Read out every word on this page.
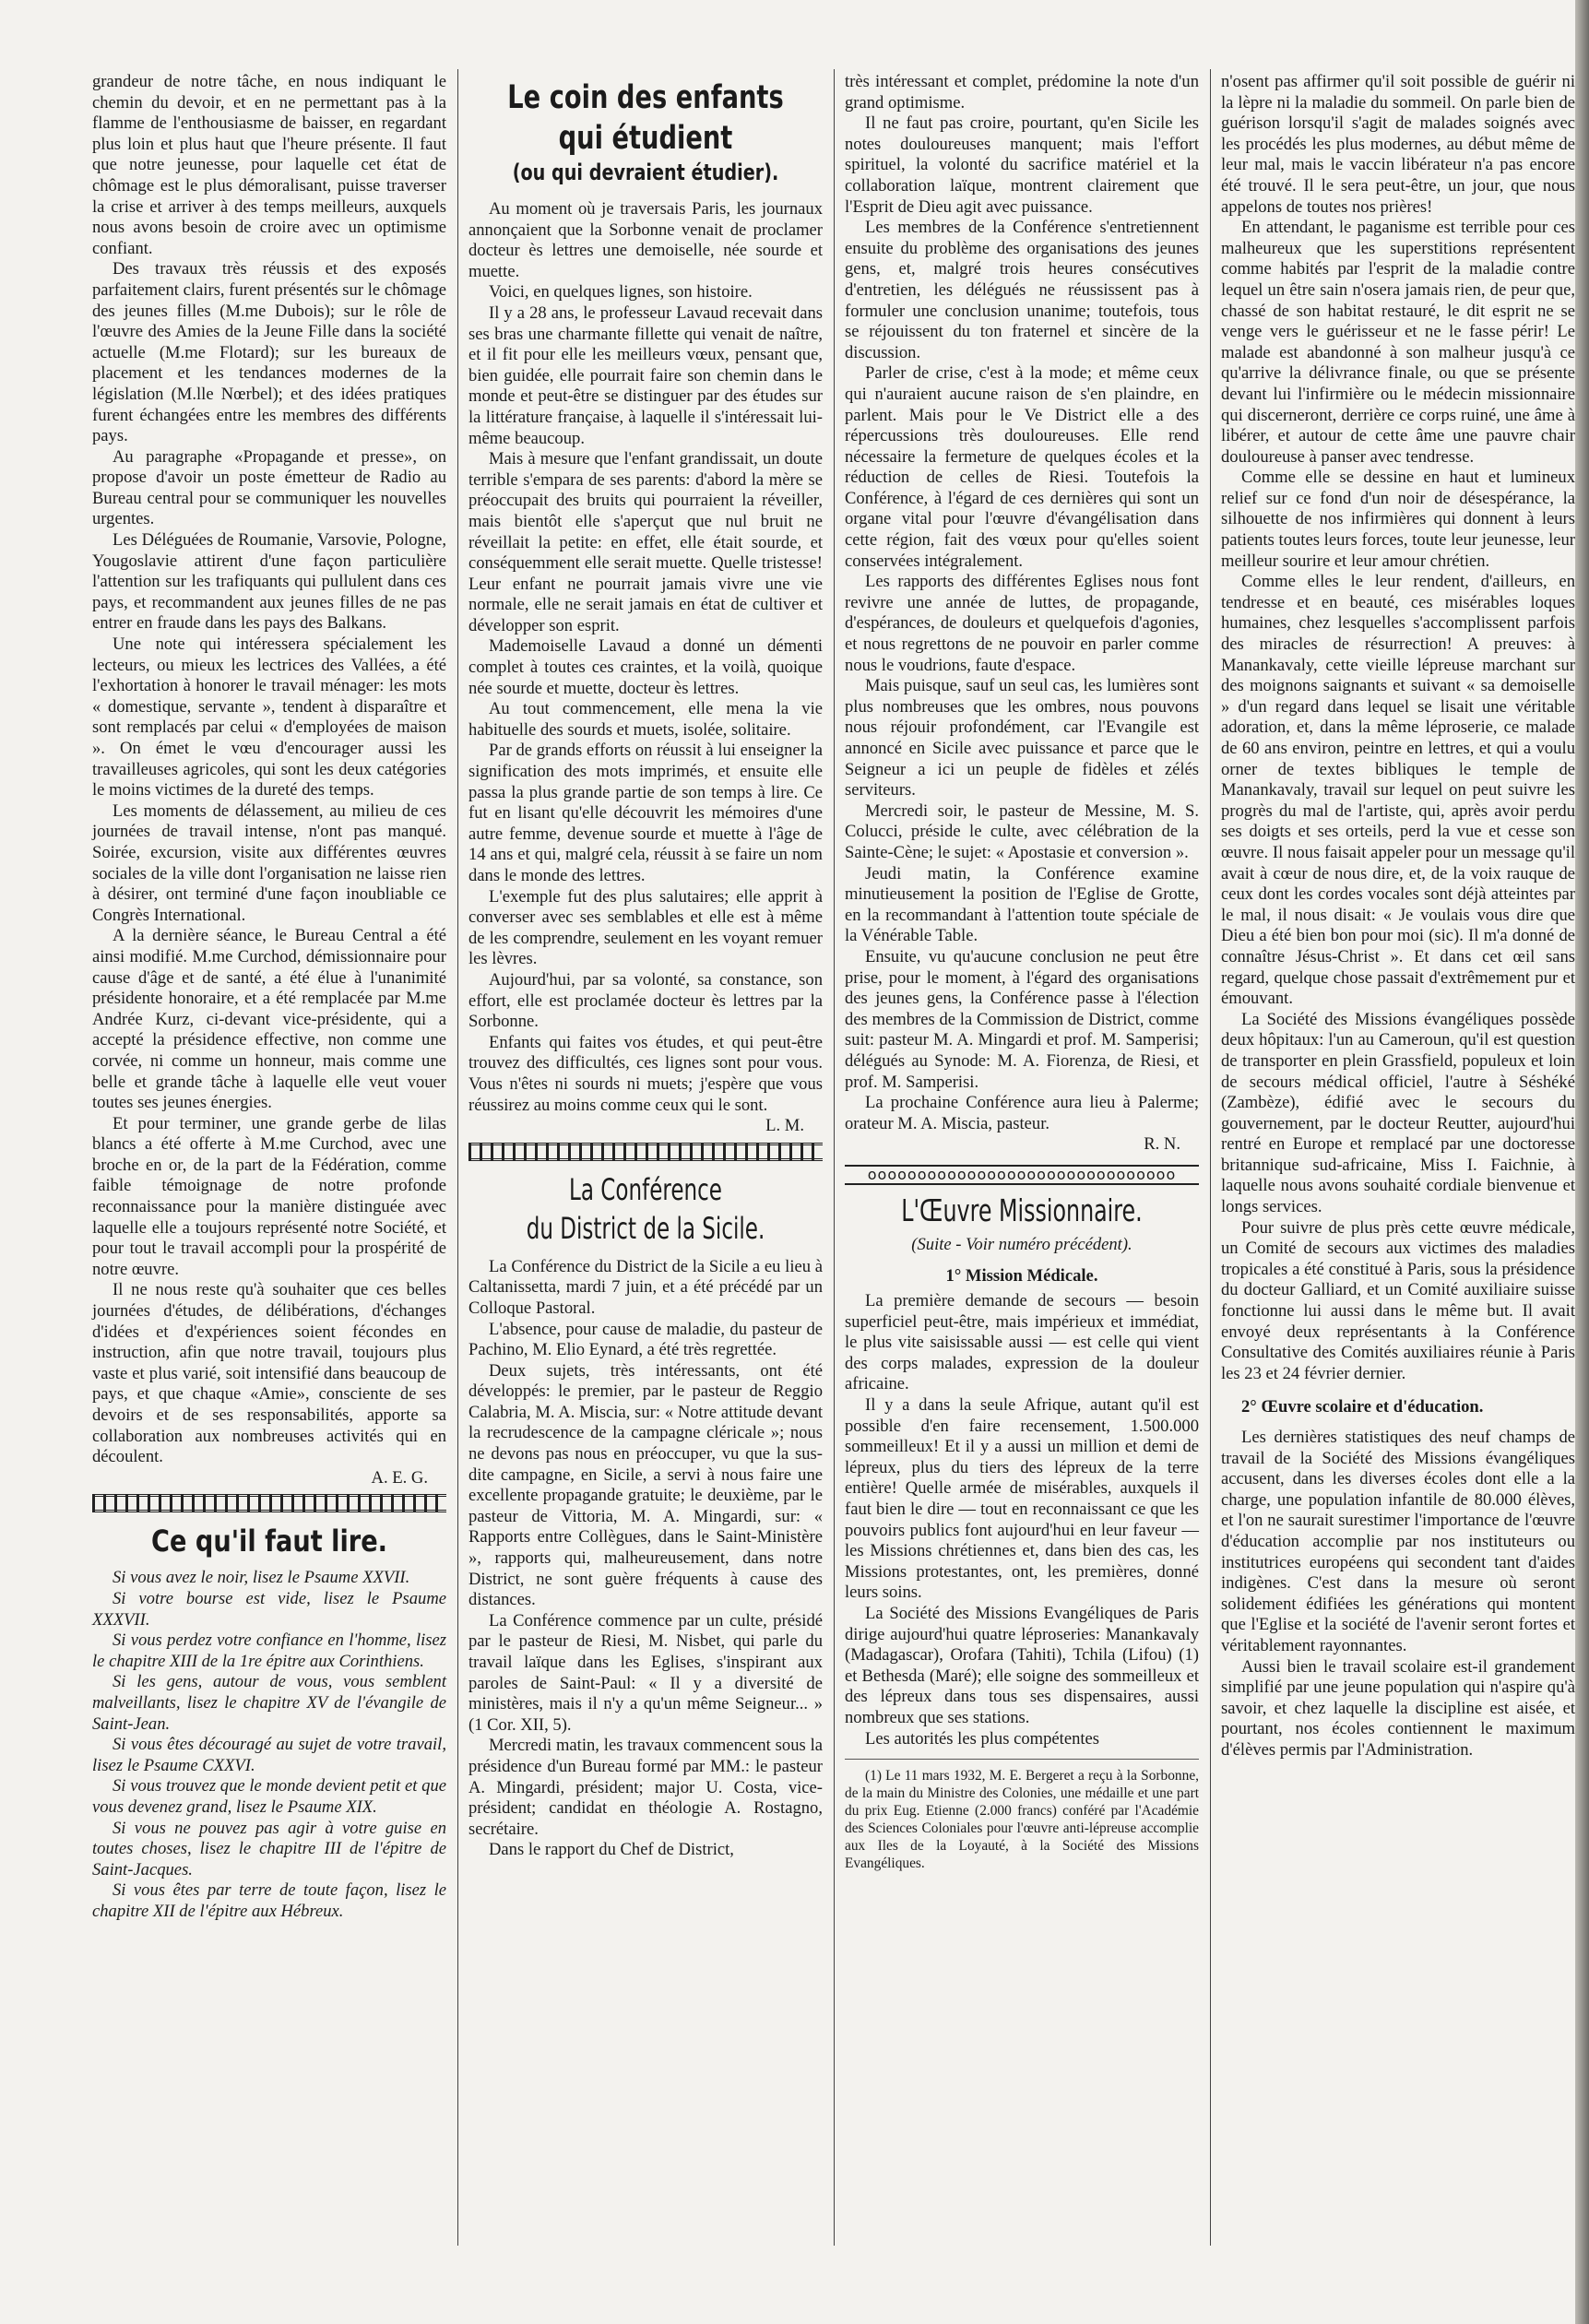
grandeur de notre tâche, en nous indiquant le chemin du devoir, et en ne permettant pas à la flamme de l'enthousiasme de baisser, en regardant plus loin et plus haut que l'heure présente. Il faut que notre jeunesse, pour laquelle cet état de chômage est le plus démoralisant, puisse traverser la crise et arriver à des temps meilleurs, auxquels nous avons besoin de croire avec un optimisme confiant.

Des travaux très réussis et des exposés parfaitement clairs, furent présentés sur le chômage des jeunes filles (M.me Dubois); sur le rôle de l'œuvre des Amies de la Jeune Fille dans la société actuelle (M.me Flotard); sur les bureaux de placement et les tendances modernes de la législation (M.lle Nœrbel); et des idées pratiques furent échangées entre les membres des différents pays.

Au paragraphe «Propagande et presse», on propose d'avoir un poste émetteur de Radio au Bureau central pour se communiquer les nouvelles urgentes.

Les Déléguées de Roumanie, Varsovie, Pologne, Yougoslavie attirent d'une façon particulière l'attention sur les trafiquants qui pullulent dans ces pays, et recommandent aux jeunes filles de ne pas entrer en fraude dans les pays des Balkans.

Une note qui intéressera spécialement les lecteurs, ou mieux les lectrices des Vallées, a été l'exhortation à honorer le travail ménager: les mots « domestique, servante », tendent à disparaître et sont remplacés par celui « d'employées de maison ». On émet le vœu d'encourager aussi les travailleuses agricoles, qui sont les deux catégories le moins victimes de la dureté des temps.

Les moments de délassement, au milieu de ces journées de travail intense, n'ont pas manqué. Soirée, excursion, visite aux différentes œuvres sociales de la ville dont l'organisation ne laisse rien à désirer, ont terminé d'une façon inoubliable ce Congrès International.

A la dernière séance, le Bureau Central a été ainsi modifié. M.me Curchod, démissionnaire pour cause d'âge et de santé, a été élue à l'unanimité présidente honoraire, et a été remplacée par M.me Andrée Kurz, ci-devant vice-présidente, qui a accepté la présidence effective, non comme une corvée, ni comme un honneur, mais comme une belle et grande tâche à laquelle elle veut vouer toutes ses jeunes énergies.

Et pour terminer, une grande gerbe de lilas blancs a été offerte à M.me Curchod, avec une broche en or, de la part de la Fédération, comme faible témoignage de notre profonde reconnaissance pour la manière distinguée avec laquelle elle a toujours représenté notre Société, et pour tout le travail accompli pour la prospérité de notre œuvre.

Il ne nous reste qu'à souhaiter que ces belles journées d'études, de délibérations, d'échanges d'idées et d'expériences soient fécondes en instruction, afin que notre travail, toujours plus vaste et plus varié, soit intensifié dans beaucoup de pays, et que chaque «Amie», consciente de ses devoirs et de ses responsabilités, apporte sa collaboration aux nombreuses activités qui en découlent.

A. E. G.
Ce qu'il faut lire.

Si vous avez le noir, lisez le Psaume XXVII.

Si votre bourse est vide, lisez le Psaume XXXVII.

Si vous perdez votre confiance en l'homme, lisez le chapitre XIII de la 1re épitre aux Corinthiens.

Si les gens, autour de vous, vous semblent malveillants, lisez le chapitre XV de l'évangile de Saint-Jean.

Si vous êtes découragé au sujet de votre travail, lisez le Psaume CXXVI.

Si vous trouvez que le monde devient petit et que vous devenez grand, lisez le Psaume XIX.

Si vous ne pouvez pas agir à votre guise en toutes choses, lisez le chapitre III de l'épitre de Saint-Jacques.

Si vous êtes par terre de toute façon, lisez le chapitre XII de l'épitre aux Hébreux.

Le coin des enfants qui étudient
(ou qui devraient étudier).

Au moment où je traversais Paris, les journaux annonçaient que la Sorbonne venait de proclamer docteur ès lettres une demoiselle, née sourde et muette.

Voici, en quelques lignes, son histoire.

Il y a 28 ans, le professeur Lavaud recevait dans ses bras une charmante fillette qui venait de naître, et il fit pour elle les meilleurs vœux, pensant que, bien guidée, elle pourrait faire son chemin dans le monde et peut-être se distinguer par des études sur la littérature française, à laquelle il s'intéressait lui-même beaucoup.

Mais à mesure que l'enfant grandissait, un doute terrible s'empara de ses parents: d'abord la mère se préoccupait des bruits qui pourraient la réveiller, mais bientôt elle s'aperçut que nul bruit ne réveillait la petite: en effet, elle était sourde, et conséquemment elle serait muette. Quelle tristesse! Leur enfant ne pourrait jamais vivre une vie normale, elle ne serait jamais en état de cultiver et développer son esprit.

Mademoiselle Lavaud a donné un démenti complet à toutes ces craintes, et la voilà, quoique née sourde et muette, docteur ès lettres.

Au tout commencement, elle mena la vie habituelle des sourds et muets, isolée, solitaire.

Par de grands efforts on réussit à lui enseigner la signification des mots imprimés, et ensuite elle passa la plus grande partie de son temps à lire. Ce fut en lisant qu'elle découvrit les mémoires d'une autre femme, devenue sourde et muette à l'âge de 14 ans et qui, malgré cela, réussit à se faire un nom dans le monde des lettres.

L'exemple fut des plus salutaires; elle apprit à converser avec ses semblables et elle est à même de les comprendre, seulement en les voyant remuer les lèvres.

Aujourd'hui, par sa volonté, sa constance, son effort, elle est proclamée docteur ès lettres par la Sorbonne.

Enfants qui faites vos études, et qui peut-être trouvez des difficultés, ces lignes sont pour vous. Vous n'êtes ni sourds ni muets; j'espère que vous réussirez au moins comme ceux qui le sont.

L. M.
La Conférence
du District de la Sicile.

La Conférence du District de la Sicile a eu lieu à Caltanissetta, mardi 7 juin, et a été précédé par un Colloque Pastoral.

L'absence, pour cause de maladie, du pasteur de Pachino, M. Elio Eynard, a été très regrettée.

Deux sujets, très intéressants, ont été développés: le premier, par le pasteur de Reggio Calabria, M. A. Miscia, sur: « Notre attitude devant la recrudescence de la campagne cléricale »; nous ne devons pas nous en préoccuper, vu que la sus-dite campagne, en Sicile, a servi à nous faire une excellente propagande gratuite; le deuxième, par le pasteur de Vittoria, M. A. Mingardi, sur: « Rapports entre Collègues, dans le Saint-Ministère », rapports qui, malheureusement, dans notre District, ne sont guère fréquents à cause des distances.

La Conférence commence par un culte, présidé par le pasteur de Riesi, M. Nisbet, qui parle du travail laïque dans les Eglises, s'inspirant aux paroles de Saint-Paul: « Il y a diversité de ministères, mais il n'y a qu'un même Seigneur... » (1 Cor. XII, 5).

Mercredi matin, les travaux commencent sous la présidence d'un Bureau formé par MM.: le pasteur A. Mingardi, président; major U. Costa, vice-président; candidat en théologie A. Rostagno, secrétaire.

Dans le rapport du Chef de District,

très intéressant et complet, prédomine la note d'un grand optimisme.

Il ne faut pas croire, pourtant, qu'en Sicile les notes douloureuses manquent; mais l'effort spirituel, la volonté du sacrifice matériel et la collaboration laïque, montrent clairement que l'Esprit de Dieu agit avec puissance.

Les membres de la Conférence s'entretiennent ensuite du problème des organisations des jeunes gens, et, malgré trois heures consécutives d'entretien, les délégués ne réussissent pas à formuler une conclusion unanime; toutefois, tous se réjouissent du ton fraternel et sincère de la discussion.

Parler de crise, c'est à la mode; et même ceux qui n'auraient aucune raison de s'en plaindre, en parlent. Mais pour le Ve District elle a des répercussions très douloureuses. Elle rend nécessaire la fermeture de quelques écoles et la réduction de celles de Riesi. Toutefois la Conférence, à l'égard de ces dernières qui sont un organe vital pour l'œuvre d'évangélisation dans cette région, fait des vœux pour qu'elles soient conservées intégralement.

Les rapports des différentes Eglises nous font revivre une année de luttes, de propagande, d'espérances, de douleurs et quelquefois d'agonies, et nous regrettons de ne pouvoir en parler comme nous le voudrions, faute d'espace.

Mais puisque, sauf un seul cas, les lumières sont plus nombreuses que les ombres, nous pouvons nous réjouir profondément, car l'Evangile est annoncé en Sicile avec puissance et parce que le Seigneur a ici un peuple de fidèles et zélés serviteurs.

Mercredi soir, le pasteur de Messine, M. S. Colucci, préside le culte, avec célébration de la Sainte-Cène; le sujet: « Apostasie et conversion ».

Jeudi matin, la Conférence examine minutieusement la position de l'Eglise de Grotte, en la recommandant à l'attention toute spéciale de la Vénérable Table.

Ensuite, vu qu'aucune conclusion ne peut être prise, pour le moment, à l'égard des organisations des jeunes gens, la Conférence passe à l'élection des membres de la Commission de District, comme suit: pasteur M. A. Mingardi et prof. M. Samperisi; délégués au Synode: M. A. Fiorenza, de Riesi, et prof. M. Samperisi.

La prochaine Conférence aura lieu à Palerme; orateur M. A. Miscia, pasteur.

R. N.
ooooooooooooooooooooooooooooooo
L'Œuvre Missionnaire.
(Suite - Voir numéro précédent).
1° Mission Médicale.

La première demande de secours — besoin superficiel peut-être, mais impérieux et immédiat, le plus vite saisissable aussi — est celle qui vient des corps malades, expression de la douleur africaine.

Il y a dans la seule Afrique, autant qu'il est possible d'en faire recensement, 1.500.000 sommeilleux! Et il y a aussi un million et demi de lépreux, plus du tiers des lépreux de la terre entière! Quelle armée de misérables, auxquels il faut bien le dire — tout en reconnaissant ce que les pouvoirs publics font aujourd'hui en leur faveur — les Missions chrétiennes et, dans bien des cas, les Missions protestantes, ont, les premières, donné leurs soins.

La Société des Missions Evangéliques de Paris dirige aujourd'hui quatre léproseries: Manankavaly (Madagascar), Orofara (Tahiti), Tchila (Lifou) (1) et Bethesda (Maré); elle soigne des sommeilleux et des lépreux dans tous ses dispensaires, aussi nombreux que ses stations.

Les autorités les plus compétentes

(1) Le 11 mars 1932, M. E. Bergeret a reçu à la Sorbonne, de la main du Ministre des Colonies, une médaille et une part du prix Eug. Etienne (2.000 francs) conféré par l'Académie des Sciences Coloniales pour l'œuvre anti-lépreuse accomplie aux Iles de la Loyauté, à la Société des Missions Evangéliques.

n'osent pas affirmer qu'il soit possible de guérir ni la lèpre ni la maladie du sommeil. On parle bien de guérison lorsqu'il s'agit de malades soignés avec les procédés les plus modernes, au début même de leur mal, mais le vaccin libérateur n'a pas encore été trouvé. Il le sera peut-être, un jour, que nous appelons de toutes nos prières!

En attendant, le paganisme est terrible pour ces malheureux que les superstitions représentent comme habités par l'esprit de la maladie contre lequel un être sain n'osera jamais rien, de peur que, chassé de son habitat restauré, le dit esprit ne se venge vers le guérisseur et ne le fasse périr! Le malade est abandonné à son malheur jusqu'à ce qu'arrive la délivrance finale, ou que se présente devant lui l'infirmière ou le médecin missionnaire qui discerneront, derrière ce corps ruiné, une âme à libérer, et autour de cette âme une pauvre chair douloureuse à panser avec tendresse.

Comme elle se dessine en haut et lumineux relief sur ce fond d'un noir de désespérance, la silhouette de nos infirmières qui donnent à leurs patients toutes leurs forces, toute leur jeunesse, leur meilleur sourire et leur amour chrétien.

Comme elles le leur rendent, d'ailleurs, en tendresse et en beauté, ces misérables loques humaines, chez lesquelles s'accomplissent parfois des miracles de résurrection! A preuves: à Manankavaly, cette vieille lépreuse marchant sur des moignons saignants et suivant « sa demoiselle » d'un regard dans lequel se lisait une véritable adoration, et, dans la même léproserie, ce malade de 60 ans environ, peintre en lettres, et qui a voulu orner de textes bibliques le temple de Manankavaly, travail sur lequel on peut suivre les progrès du mal de l'artiste, qui, après avoir perdu ses doigts et ses orteils, perd la vue et cesse son œuvre. Il nous faisait appeler pour un message qu'il avait à cœur de nous dire, et, de la voix rauque de ceux dont les cordes vocales sont déjà atteintes par le mal, il nous disait: « Je voulais vous dire que Dieu a été bien bon pour moi (sic). Il m'a donné de connaître Jésus-Christ ». Et dans cet œil sans regard, quelque chose passait d'extrêmement pur et émouvant.

La Société des Missions évangéliques possède deux hôpitaux: l'un au Cameroun, qu'il est question de transporter en plein Grassfield, populeux et loin de secours médical officiel, l'autre à Séshéké (Zambèze), édifié avec le secours du gouvernement, par le docteur Reutter, aujourd'hui rentré en Europe et remplacé par une doctoresse britannique sud-africaine, Miss I. Faichnie, à laquelle nous avons souhaité cordiale bienvenue et longs services.

Pour suivre de plus près cette œuvre médicale, un Comité de secours aux victimes des maladies tropicales a été constitué à Paris, sous la présidence du docteur Galliard, et un Comité auxiliaire suisse fonctionne lui aussi dans le même but. Il avait envoyé deux représentants à la Conférence Consultative des Comités auxiliaires réunie à Paris les 23 et 24 février dernier.

2° Œuvre scolaire et d'éducation.

Les dernières statistiques des neuf champs de travail de la Société des Missions évangéliques accusent, dans les diverses écoles dont elle a la charge, une population infantile de 80.000 élèves, et l'on ne saurait surestimer l'importance de l'œuvre d'éducation accomplie par nos instituteurs ou institutrices européens qui secondent tant d'aides indigènes. C'est dans la mesure où seront solidement édifiées les générations qui montent que l'Eglise et la société de l'avenir seront fortes et véritablement rayonnantes.

Aussi bien le travail scolaire est-il grandement simplifié par une jeune population qui n'aspire qu'à savoir, et chez laquelle la discipline est aisée, et pourtant, nos écoles contiennent le maximum d'élèves permis par l'Administration.
